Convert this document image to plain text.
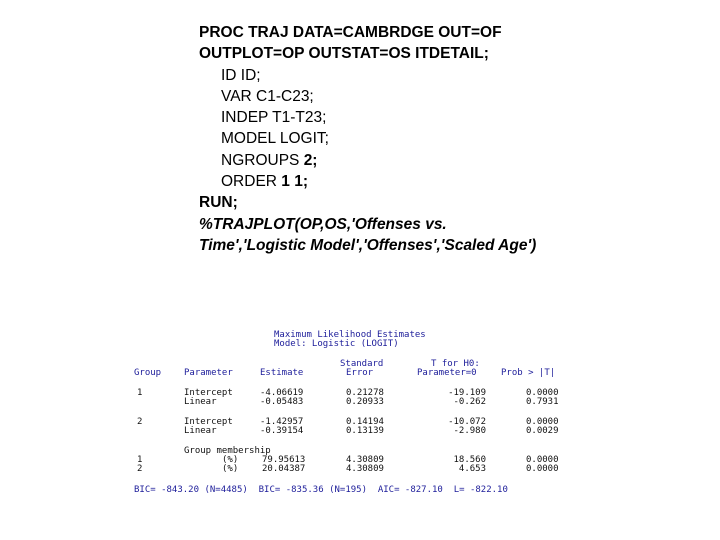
PROC TRAJ DATA=CAMBRDGE OUT=OF
OUTPLOT=OP OUTSTAT=OS ITDETAIL;
ID ID;
VAR C1-C23;
INDEP T1-T23;
MODEL LOGIT;
NGROUPS 2;
ORDER 1 1;
RUN;
%TRAJPLOT(OP,OS,'Offenses vs.
Time','Logistic Model','Offenses','Scaled Age')
Maximum Likelihood Estimates
Model: Logistic (LOGIT)
Standard	T for H0:
Group	Parameter	Estimate	Error	Parameter=0	Prob > |T|
1	Intercept	-4.06619	0.21278	-19.109	0.0000
Linear	-0.05483	0.20933	-0.262	0.7931
2	Intercept	-1.42957	0.14194	-10.072	0.0000
Linear	-0.39154	0.13139	-2.980	0.0029
Group membership
1	(%)	79.95613	4.30809	18.560	0.0000
2	(%)	20.04387	4.30809	4.653	0.0000
BIC= -843.20 (N=4485)  BIC= -835.36 (N=195)  AIC= -827.10  L= -822.10
